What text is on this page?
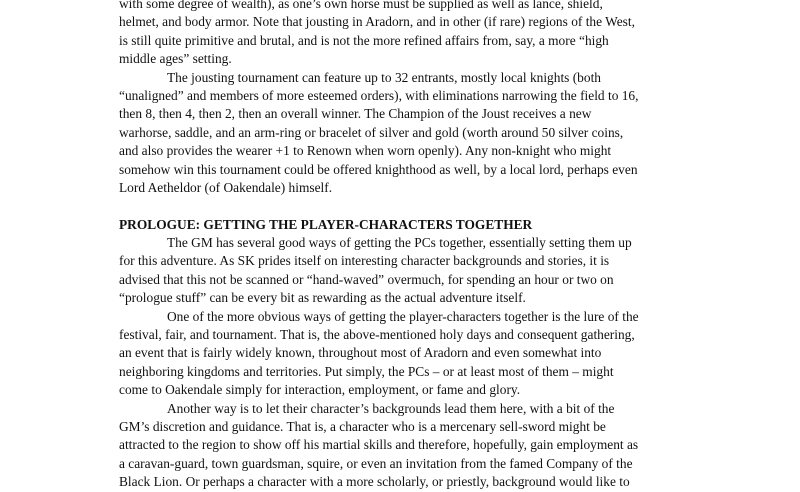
with some degree of wealth), as one’s own horse must be supplied as well as lance, shield,
helmet, and body armor. Note that jousting in Aradorn, and in other (if rare) regions of the West,
is still quite primitive and brutal, and is not the more refined affairs from, say, a more “high
middle ages” setting.
The jousting tournament can feature up to 32 entrants, mostly local knights (both
“unaligned” and members of more esteemed orders), with eliminations narrowing the field to 16,
then 8, then 4, then 2, then an overall winner. The Champion of the Joust receives a new
warhorse, saddle, and an arm-ring or bracelet of silver and gold (worth around 50 silver coins,
and also provides the wearer +1 to Renown when worn openly). Any non-knight who might
somehow win this tournament could be offered knighthood as well, by a local lord, perhaps even
Lord Aetheldor (of Oakendale) himself.
PROLOGUE: GETTING THE PLAYER-CHARACTERS TOGETHER
The GM has several good ways of getting the PCs together, essentially setting them up
for this adventure. As SK prides itself on interesting character backgrounds and stories, it is
advised that this not be scanned or “hand-waved” overmuch, for spending an hour or two on
“prologue stuff” can be every bit as rewarding as the actual adventure itself.
One of the more obvious ways of getting the player-characters together is the lure of the
festival, fair, and tournament. That is, the above-mentioned holy days and consequent gathering,
an event that is fairly widely known, throughout most of Aradorn and even somewhat into
neighboring kingdoms and territories. Put simply, the PCs – or at least most of them – might
come to Oakendale simply for interaction, employment, or fame and glory.
Another way is to let their character’s backgrounds lead them here, with a bit of the
GM’s discretion and guidance. That is, a character who is a mercenary sell-sword might be
attracted to the region to show off his martial skills and therefore, hopefully, gain employment as
a caravan-guard, town guardsman, squire, or even an invitation from the famed Company of the
Black Lion. Or perhaps a character with a more scholarly, or priestly, background would like to
